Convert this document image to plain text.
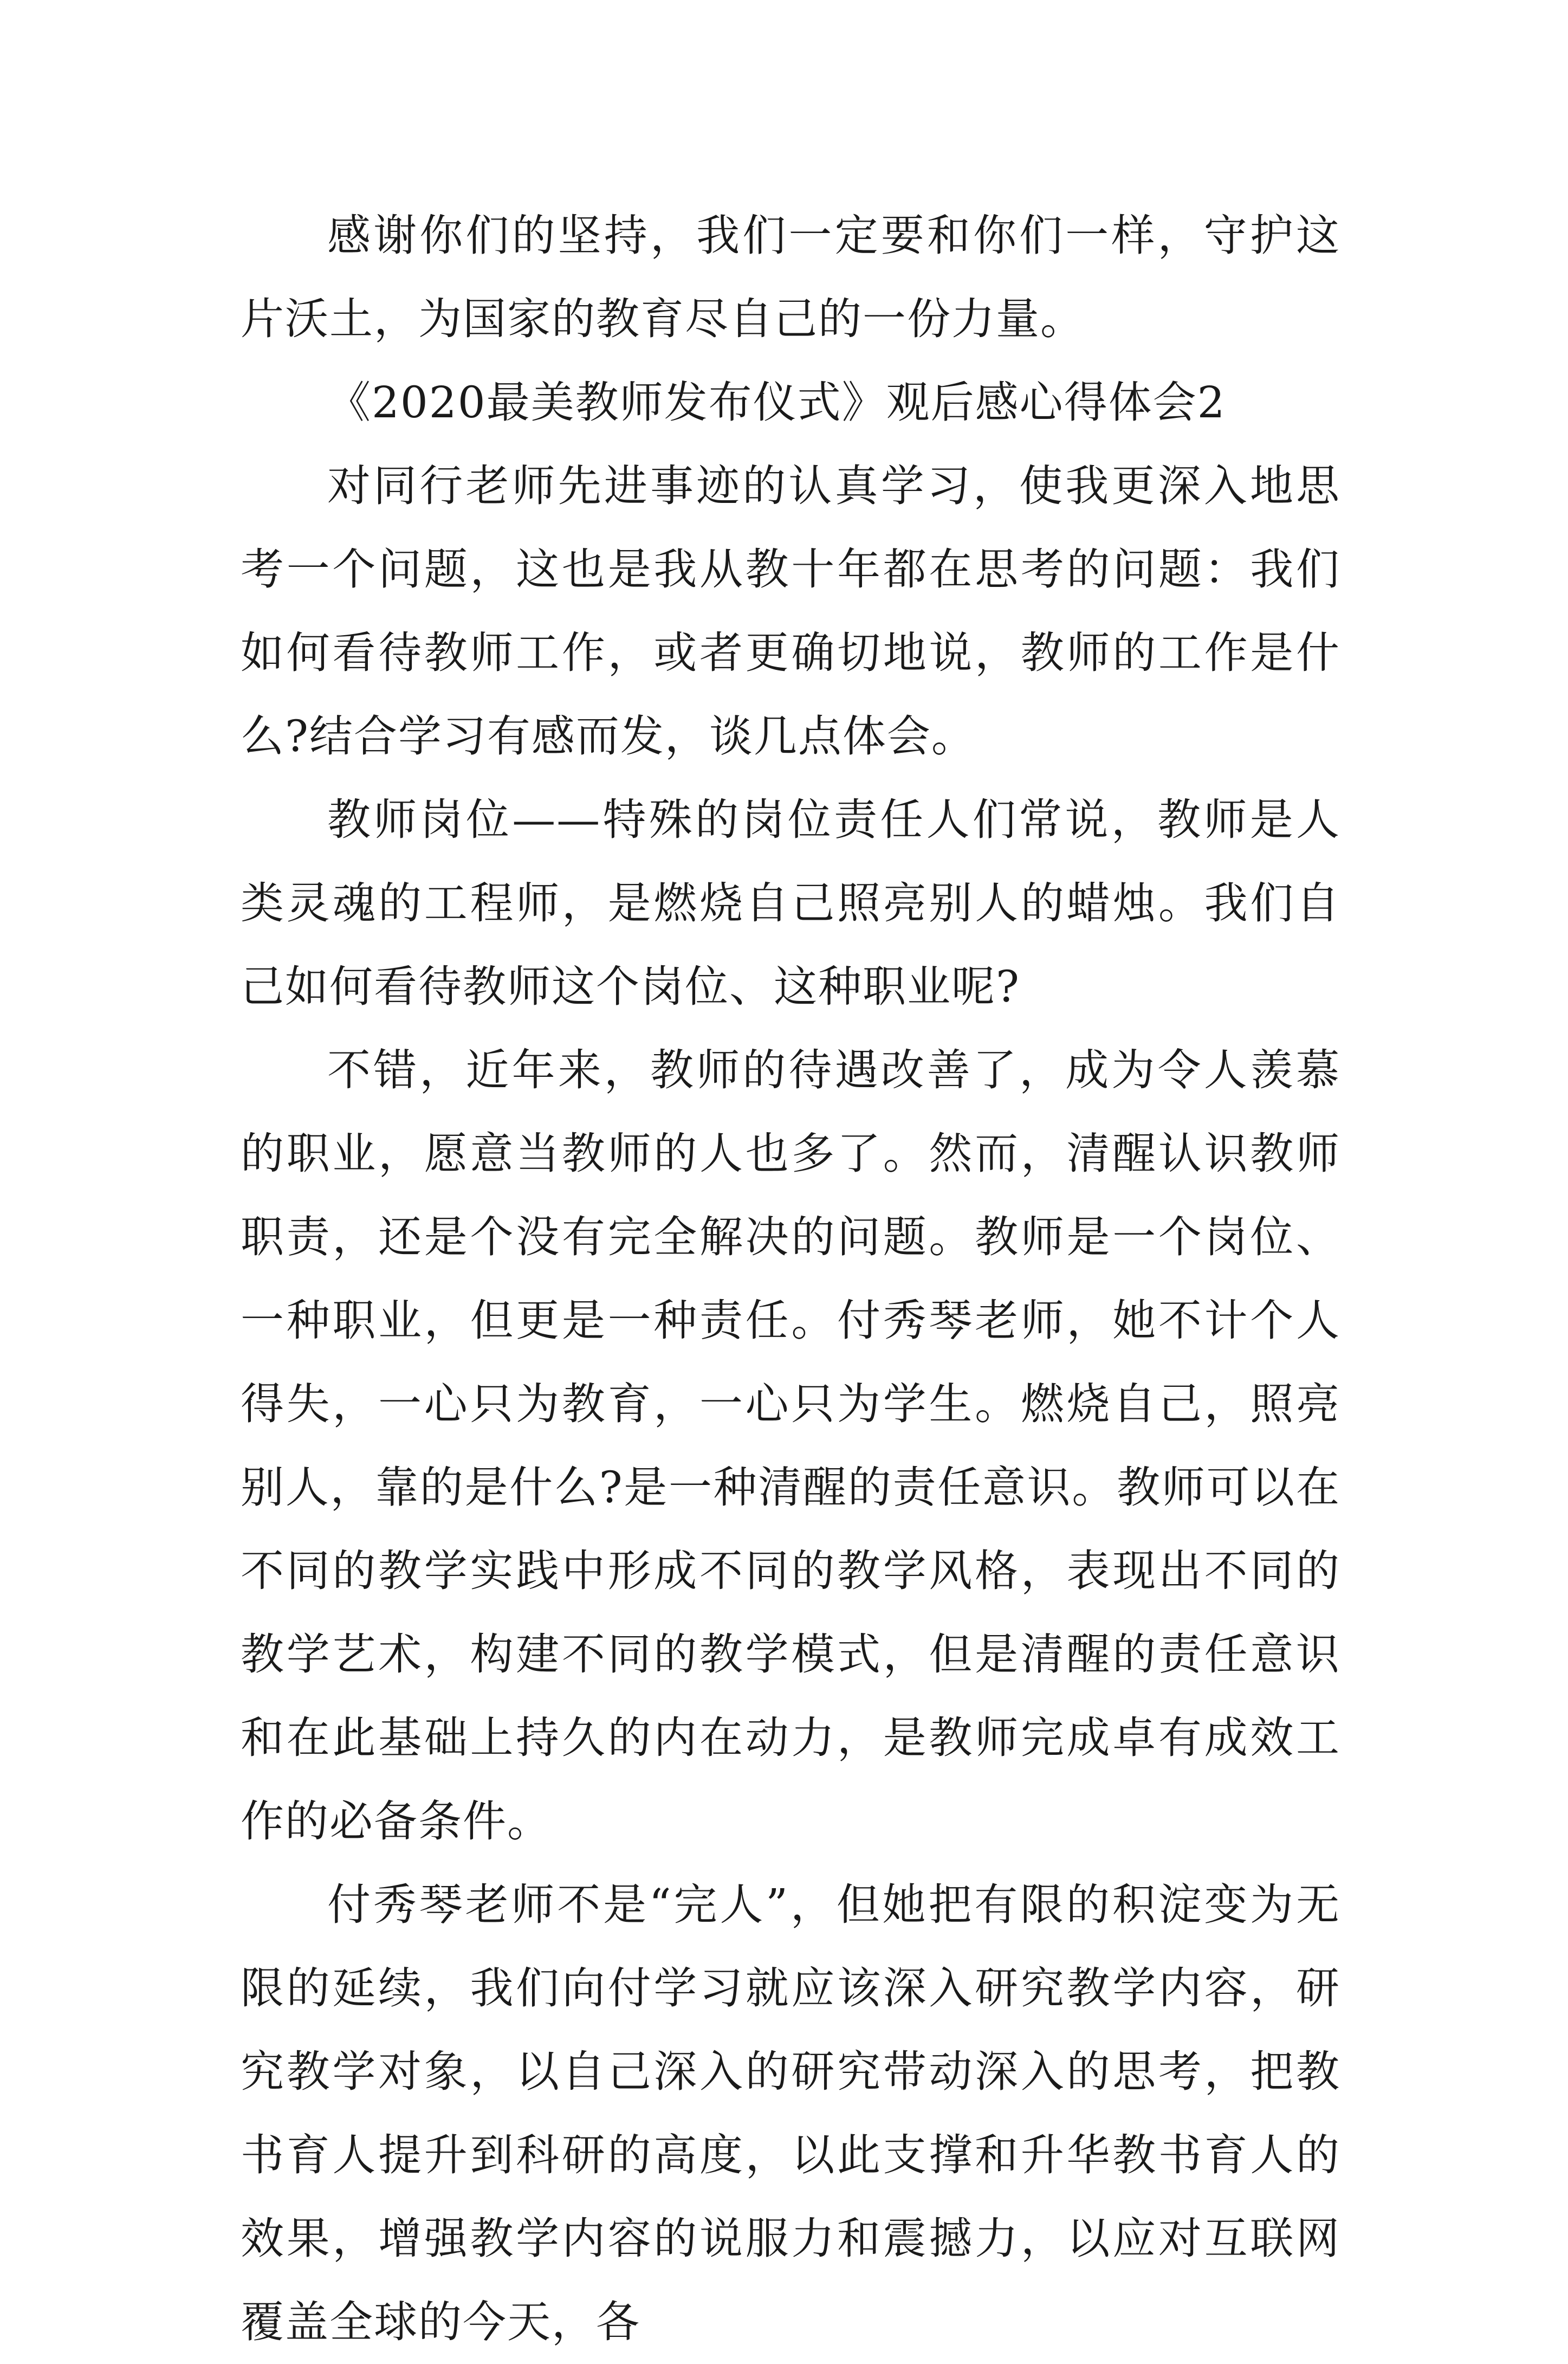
感谢你们的坚持，我们一定要和你们一样，守护这片沃土，为国家的教育尽自己的一份力量。

《2020最美教师发布仪式》观后感心得体会2

对同行老师先进事迹的认真学习，使我更深入地思考一个问题，这也是我从教十年都在思考的问题：我们如何看待教师工作，或者更确切地说，教师的工作是什么?结合学习有感而发，谈几点体会。

教师岗位——特殊的岗位责任人们常说，教师是人类灵魂的工程师，是燃烧自己照亮别人的蜡烛。我们自己如何看待教师这个岗位、这种职业呢?

不错，近年来，教师的待遇改善了，成为令人羡慕的职业，愿意当教师的人也多了。然而，清醒认识教师职责，还是个没有完全解决的问题。教师是一个岗位、一种职业，但更是一种责任。付秀琴老师，她不计个人得失，一心只为教育，一心只为学生。燃烧自己，照亮别人，靠的是什么?是一种清醒的责任意识。教师可以在不同的教学实践中形成不同的教学风格，表现出不同的教学艺术，构建不同的教学模式，但是清醒的责任意识和在此基础上持久的内在动力，是教师完成卓有成效工作的必备条件。

付秀琴老师不是“完人”，但她把有限的积淀变为无限的延续，我们向付学习就应该深入研究教学内容，研究教学对象，以自己深入的研究带动深入的思考，把教书育人提升到科研的高度，以此支撑和升华教书育人的效果，增强教学内容的说服力和震撼力，以应对互联网覆盖全球的今天，各
